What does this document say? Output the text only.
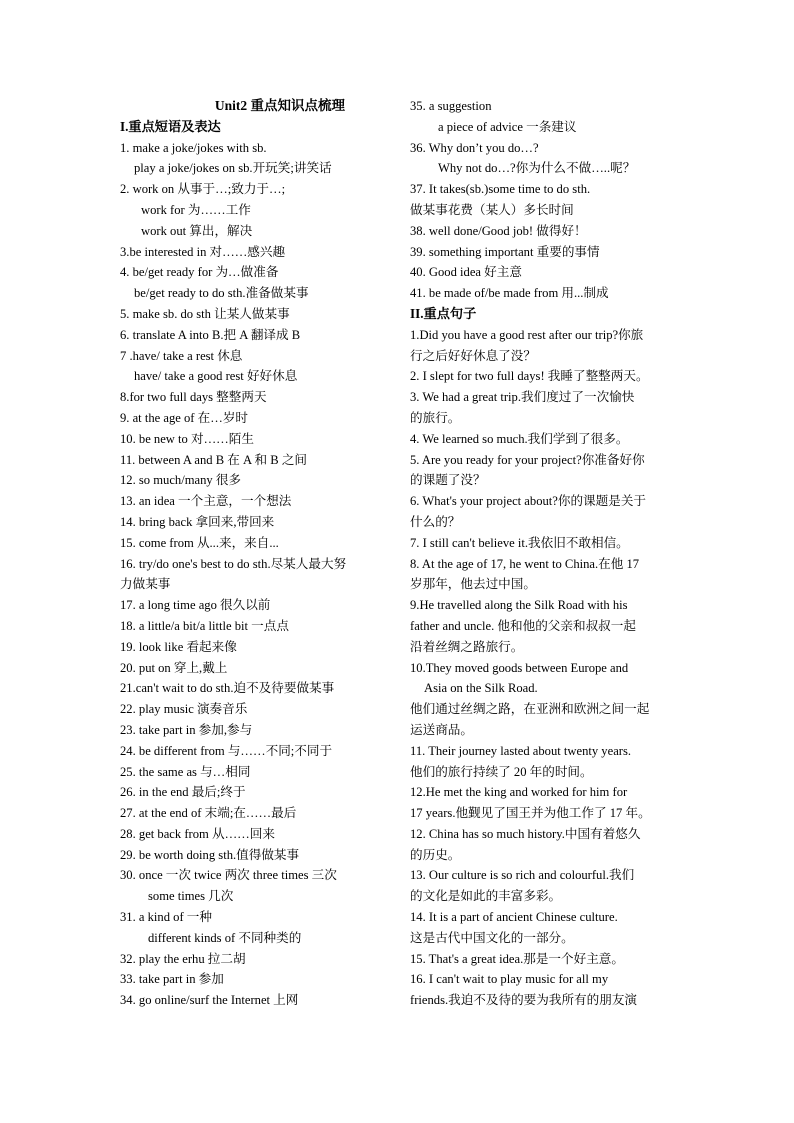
Unit2 重点知识点梳理
I.重点短语及表达
1. make a joke/jokes with sb.
play a joke/jokes on sb.开玩笑;讲笑话
2. work on 从事于…;致力于…;
work for 为……工作
work out 算出，解决
3.be interested in 对……感兴趣
4. be/get ready for 为…做准备
be/get ready to do sth.准备做某事
5. make sb. do sth 让某人做某事
6. translate A into B.把 A 翻译成 B
7 .have/ take a rest 休息
have/ take a good rest 好好休息
8.for two full days 整整两天
9. at the age of 在…岁时
10. be new to 对……陌生
11. between A and B 在 A 和 B 之间
12. so much/many 很多
13. an idea 一个主意，一个想法
14. bring back 拿回来,带回来
15. come from 从...来，来自...
16. try/do one's best to do sth.尽某人最大努
力做某事
17. a long time ago 很久以前
18. a little/a bit/a little bit 一点点
19. look like 看起来像
20. put on 穿上,戴上
21.can't wait to do sth.迫不及待要做某事
22. play music 演奏音乐
23. take part in 参加,参与
24. be different from 与……不同;不同于
25. the same as 与…相同
26. in the end 最后;终于
27. at the end of 末端;在……最后
28. get back from 从……回来
29. be worth doing sth.值得做某事
30. once 一次 twice 两次 three times 三次
some times 几次
31. a kind of 一种
different kinds of 不同种类的
32. play the erhu 拉二胡
33. take part in 参加
34. go online/surf the Internet 上网
35. a suggestion
a piece of advice 一条建议
36. Why don’t you do…?
Why not do…?你为什么不做…..呢？
37. It takes(sb.)some time to do sth.
做某事花费（某人）多长时间
38. well done/Good job! 做得好！
39. something important 重要的事情
40. Good idea 好主意
41. be made of/be made from 用...制成
II.重点句子
1.Did you have a good rest after our trip?你旅
行之后好好休息了没？
2. I slept for two full days! 我睡了整整两天。
3. We had a great trip.我们度过了一次愉快
的旅行。
4. We learned so much.我们学到了很多。
5. Are you ready for your project?你准备好你
的课题了没？
6. What's your project about?你的课题是关于
什么的？
7. I still can't believe it.我依旧不敢相信。
8. At the age of 17, he went to China.在他 17
岁那年，他去过中国。
9.He travelled along the Silk Road with his
father and uncle. 他和他的父亲和叔叔一起
沿着丝绸之路旅行。
10.They moved goods between Europe and
Asia on the Silk Road.
他们通过丝绸之路，在亚洲和欧洲之间一起
运送商品。
11. Their journey lasted about twenty years.
他们的旅行持续了 20 年的时间。
12.He met the king and worked for him for
17 years.他觐见了国王并为他工作了 17 年。
12. China has so much history.中国有着悠久
的历史。
13. Our culture is so rich and colourful.我们
的文化是如此的丰富多彩。
14. It is a part of ancient Chinese culture.
这是古代中国文化的一部分。
15. That's a great idea.那是一个好主意。
16. I can't wait to play music for all my
friends.我迫不及待的要为我所有的朋友演
